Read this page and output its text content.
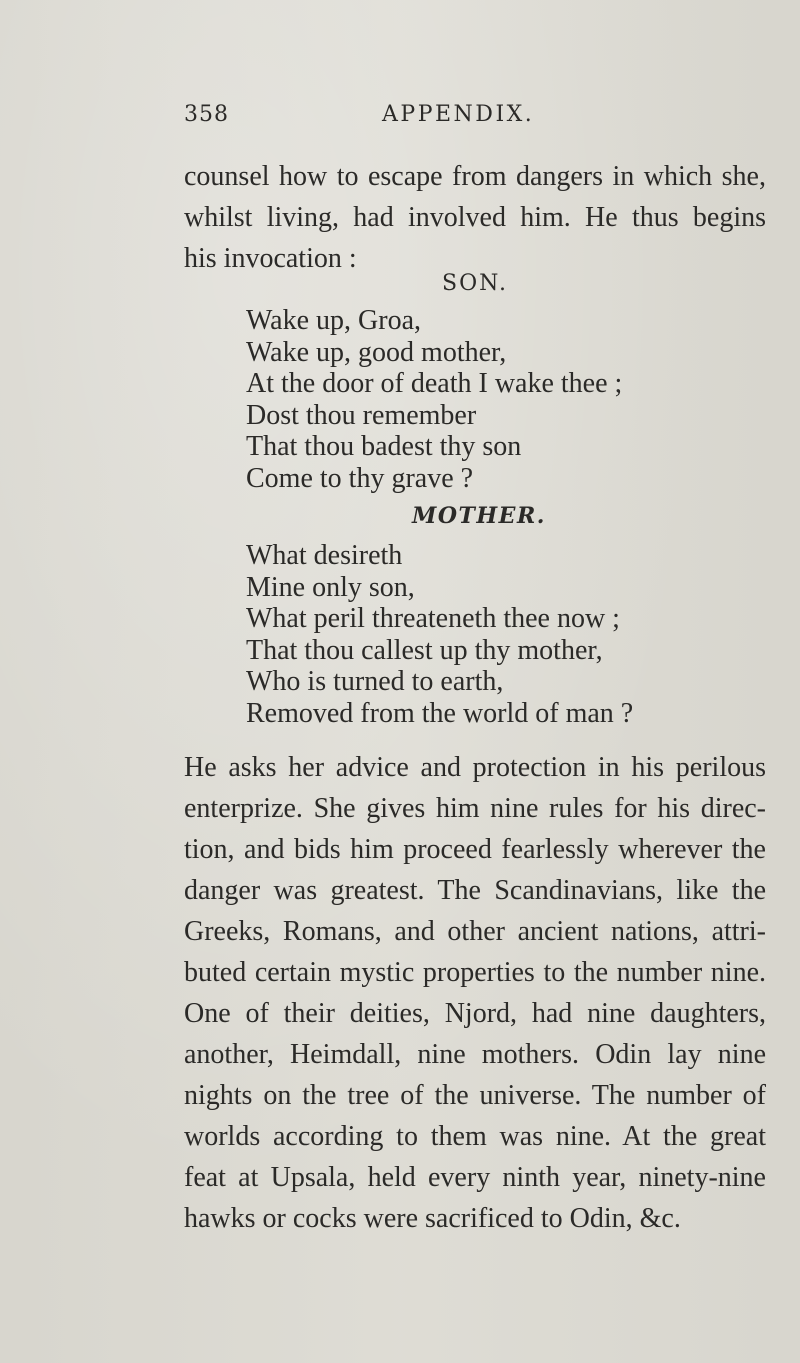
358	APPENDIX.
counsel how to escape from dangers in which she,
whilst living, had involved him. He thus begins
his invocation :
SON.
Wake up, Groa,
Wake up, good mother,
At the door of death I wake thee ;
Dost thou remember
That thou badest thy son
Come to thy grave ?
MOTHER.
What desireth
Mine only son,
What peril threateneth thee now ;
That thou callest up thy mother,
Who is turned to earth,
Removed from the world of man ?
He asks her advice and protection in his perilous
enterprize. She gives him nine rules for his direc-
tion, and bids him proceed fearlessly wherever the
danger was greatest. The Scandinavians, like the
Greeks, Romans, and other ancient nations, attri-
buted certain mystic properties to the number nine.
One of their deities, Njord, had nine daughters,
another, Heimdall, nine mothers. Odin lay nine
nights on the tree of the universe. The number of
worlds according to them was nine. At the great
feat at Upsala, held every ninth year, ninety-nine
hawks or cocks were sacrificed to Odin, &c.
